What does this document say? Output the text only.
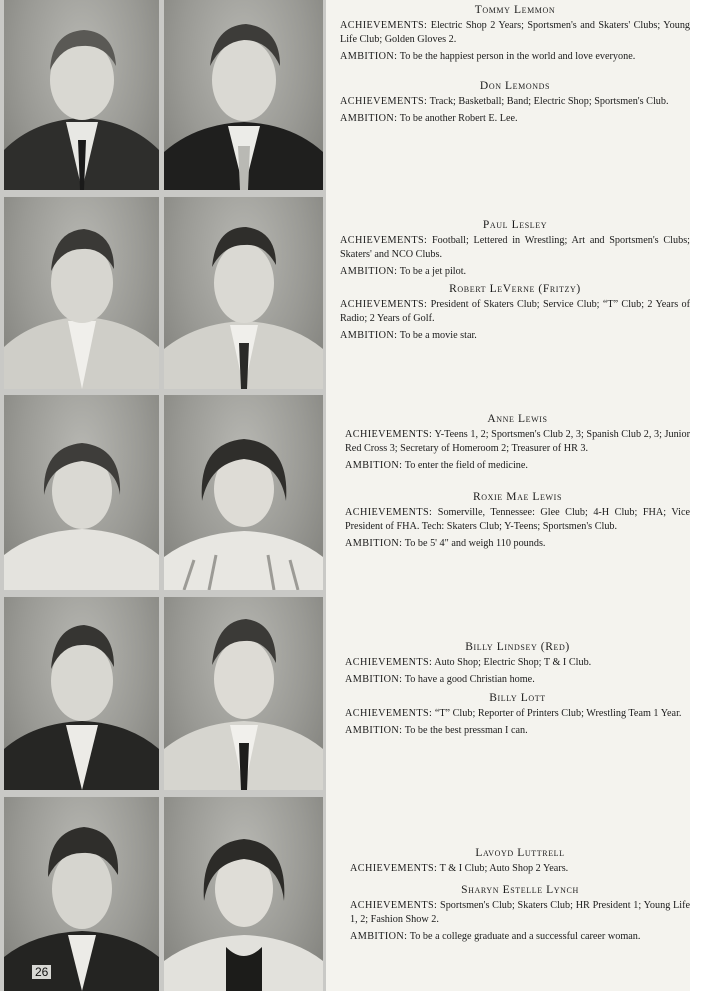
26

Tommy Lemmon

ACHIEVEMENTS: Electric Shop 2 Years; Sportsmen's and Skaters' Clubs; Young Life Club; Golden Gloves 2.

AMBITION: To be the happiest person in the world and love everyone.

Don Lemonds

ACHIEVEMENTS: Track; Basketball; Band; Electric Shop; Sportsmen's Club.

AMBITION: To be another Robert E. Lee.

Paul Lesley

ACHIEVEMENTS: Football; Lettered in Wrestling; Art and Sportsmen's Clubs; Skaters' and NCO Clubs.

AMBITION: To be a jet pilot.

Robert LeVerne (Fritzy)

ACHIEVEMENTS: President of Skaters Club; Service Club; “T” Club; 2 Years of Radio; 2 Years of Golf.

AMBITION: To be a movie star.

Anne Lewis

ACHIEVEMENTS: Y-Teens 1, 2; Sportsmen's Club 2, 3; Spanish Club 2, 3; Junior Red Cross 3; Secretary of Homeroom 2; Treasurer of HR 3.

AMBITION: To enter the field of medicine.

Roxie Mae Lewis

ACHIEVEMENTS: Somerville, Tennessee: Glee Club; 4-H Club; FHA; Vice President of FHA. Tech: Skaters Club; Y-Teens; Sportsmen's Club.

AMBITION: To be 5' 4" and weigh 110 pounds.

Billy Lindsey (Red)

ACHIEVEMENTS: Auto Shop; Electric Shop; T & I Club.

AMBITION: To have a good Christian home.

Billy Lott

ACHIEVEMENTS: “T” Club; Reporter of Printers Club; Wrestling Team 1 Year.

AMBITION: To be the best pressman I can.

Lavoyd Luttrell

ACHIEVEMENTS: T & I Club; Auto Shop 2 Years.

Sharyn Estelle Lynch

ACHIEVEMENTS: Sportsmen's Club; Skaters Club; HR President 1; Young Life 1, 2; Fashion Show 2.

AMBITION: To be a college graduate and a successful career woman.
